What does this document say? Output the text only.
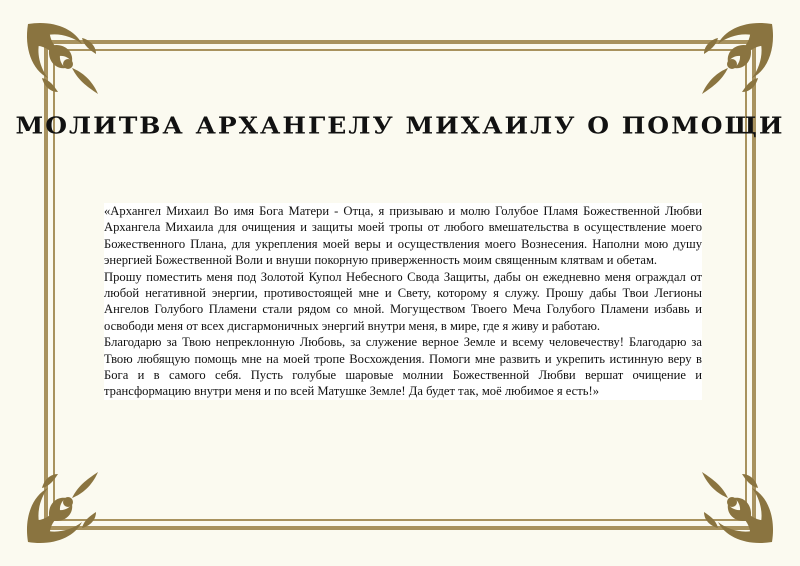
МОЛИТВА АРХАНГЕЛУ МИХАИЛУ О ПОМОЩИ

«Архангел Михаил Во имя Бога Матери - Отца, я призываю и молю Голубое Пламя Божественной Любви Архангела Михаила для очищения и защиты моей тропы от любого вмешательства в осуществление моего Божественного Плана, для укрепления моей веры и осуществления моего Вознесения. Наполни мою душу энергией Божественной Воли и внуши покорную приверженность моим священным клятвам и обетам.

Прошу поместить меня под Золотой Купол Небесного Свода Защиты, дабы он ежедневно меня ограждал от любой негативной энергии, противостоящей мне и Свету, которому я служу. Прошу дабы Твои Легионы Ангелов Голубого Пламени стали рядом со мной. Могуществом Твоего Меча Голубого Пламени избавь и освободи меня от всех дисгармоничных энергий внутри меня, в мире, где я живу и работаю.

Благодарю за Твою непреклонную Любовь, за служение верное Земле и всему человечеству! Благодарю за Твою любящую помощь мне на моей тропе Восхождения. Помоги мне развить и укрепить истинную веру в Бога и в самого себя. Пусть голубые шаровые молнии Божественной Любви вершат очищение и трансформацию внутри меня и по всей Матушке Земле! Да будет так, моё любимое я есть!»
